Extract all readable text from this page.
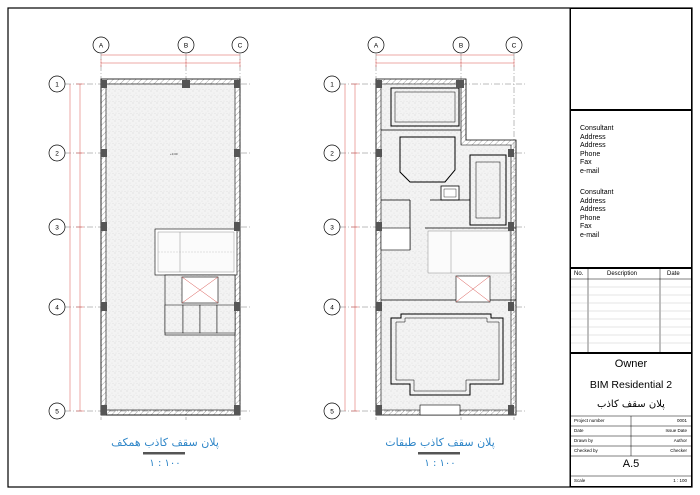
+3.00
A	B	C
1
2
3
4
5
A	B	C
1
2
3
4
5
پلان سقف کاذب همکف
۱ : ۱۰۰
پلان سقف کاذب طبقات
۱ : ۱۰۰
Consultant
Address
Address
Phone
Fax
e-mail
Consultant
Address
Address
Phone
Fax
e-mail
No.	Description	Date
Owner
BIM Residential 2
پلان سقف کاذب
Project number	0001
Date	Issue Date
Drawn by	Author
Checked by	Checker
A.5
Scale	1 : 100
